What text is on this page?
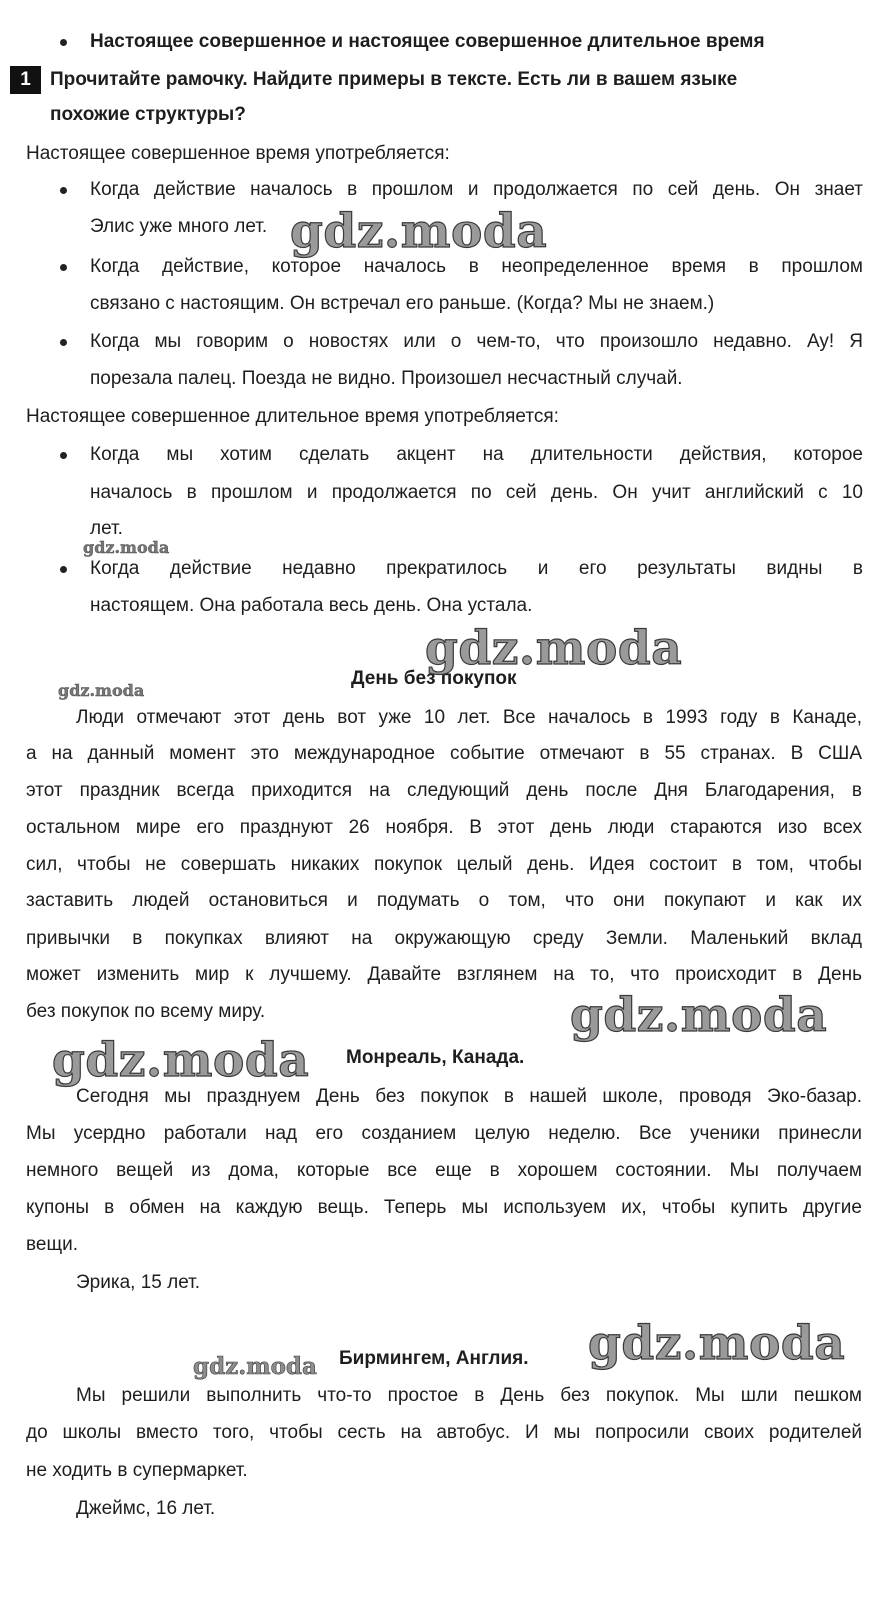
Настоящее совершенное и настоящее совершенное длительное время
1	Прочитайте рамочку. Найдите примеры в тексте. Есть ли в вашем языке
похожие структуры?
Настоящее совершенное время употребляется:
Когда действие началось в прошлом и продолжается по сей день. Он знает
Элис уже много лет.
Когда действие, которое началось в неопределенное время в прошлом
связано с настоящим. Он встречал его раньше. (Когда? Мы не знаем.)
Когда мы говорим о новостях или о чем-то, что произошло недавно. Ау! Я
порезала палец. Поезда не видно. Произошел несчастный случай.
Настоящее совершенное длительное время употребляется:
Когда мы хотим сделать акцент на длительности действия, которое
началось в прошлом и продолжается по сей день. Он учит английский с 10
лет.
Когда действие недавно прекратилось и его результаты видны в
настоящем. Она работала весь день. Она устала.
День без покупок
Люди отмечают этот день вот уже 10 лет. Все началось в 1993 году в Канаде,
а на данный момент это международное событие отмечают в 55 странах. В США
этот праздник всегда приходится на следующий день после Дня Благодарения, в
остальном мире его празднуют 26 ноября. В этот день люди стараются изо всех
сил, чтобы не совершать никаких покупок целый день. Идея состоит в том, чтобы
заставить людей остановиться и подумать о том, что они покупают и как их
привычки в покупках влияют на окружающую среду Земли. Маленький вклад
может изменить мир к лучшему. Давайте взглянем на то, что происходит в День
без покупок по всему миру.
Монреаль, Канада.
Сегодня мы празднуем День без покупок в нашей школе, проводя Эко-базар.
Мы усердно работали над его созданием целую неделю. Все ученики принесли
немного вещей из дома, которые все еще в хорошем состоянии. Мы получаем
купоны в обмен на каждую вещь. Теперь мы используем их, чтобы купить другие
вещи.
Эрика, 15 лет.
Бирмингем, Англия.
Мы решили выполнить что-то простое в День без покупок. Мы шли пешком
до школы вместо того, чтобы сесть на автобус. И мы попросили своих родителей
не ходить в супермаркет.
Джеймс, 16 лет.
gdz.moda
gdz.moda
gdz.moda
gdz.moda
gdz.moda
gdz.moda
gdz.moda
gdz.moda
